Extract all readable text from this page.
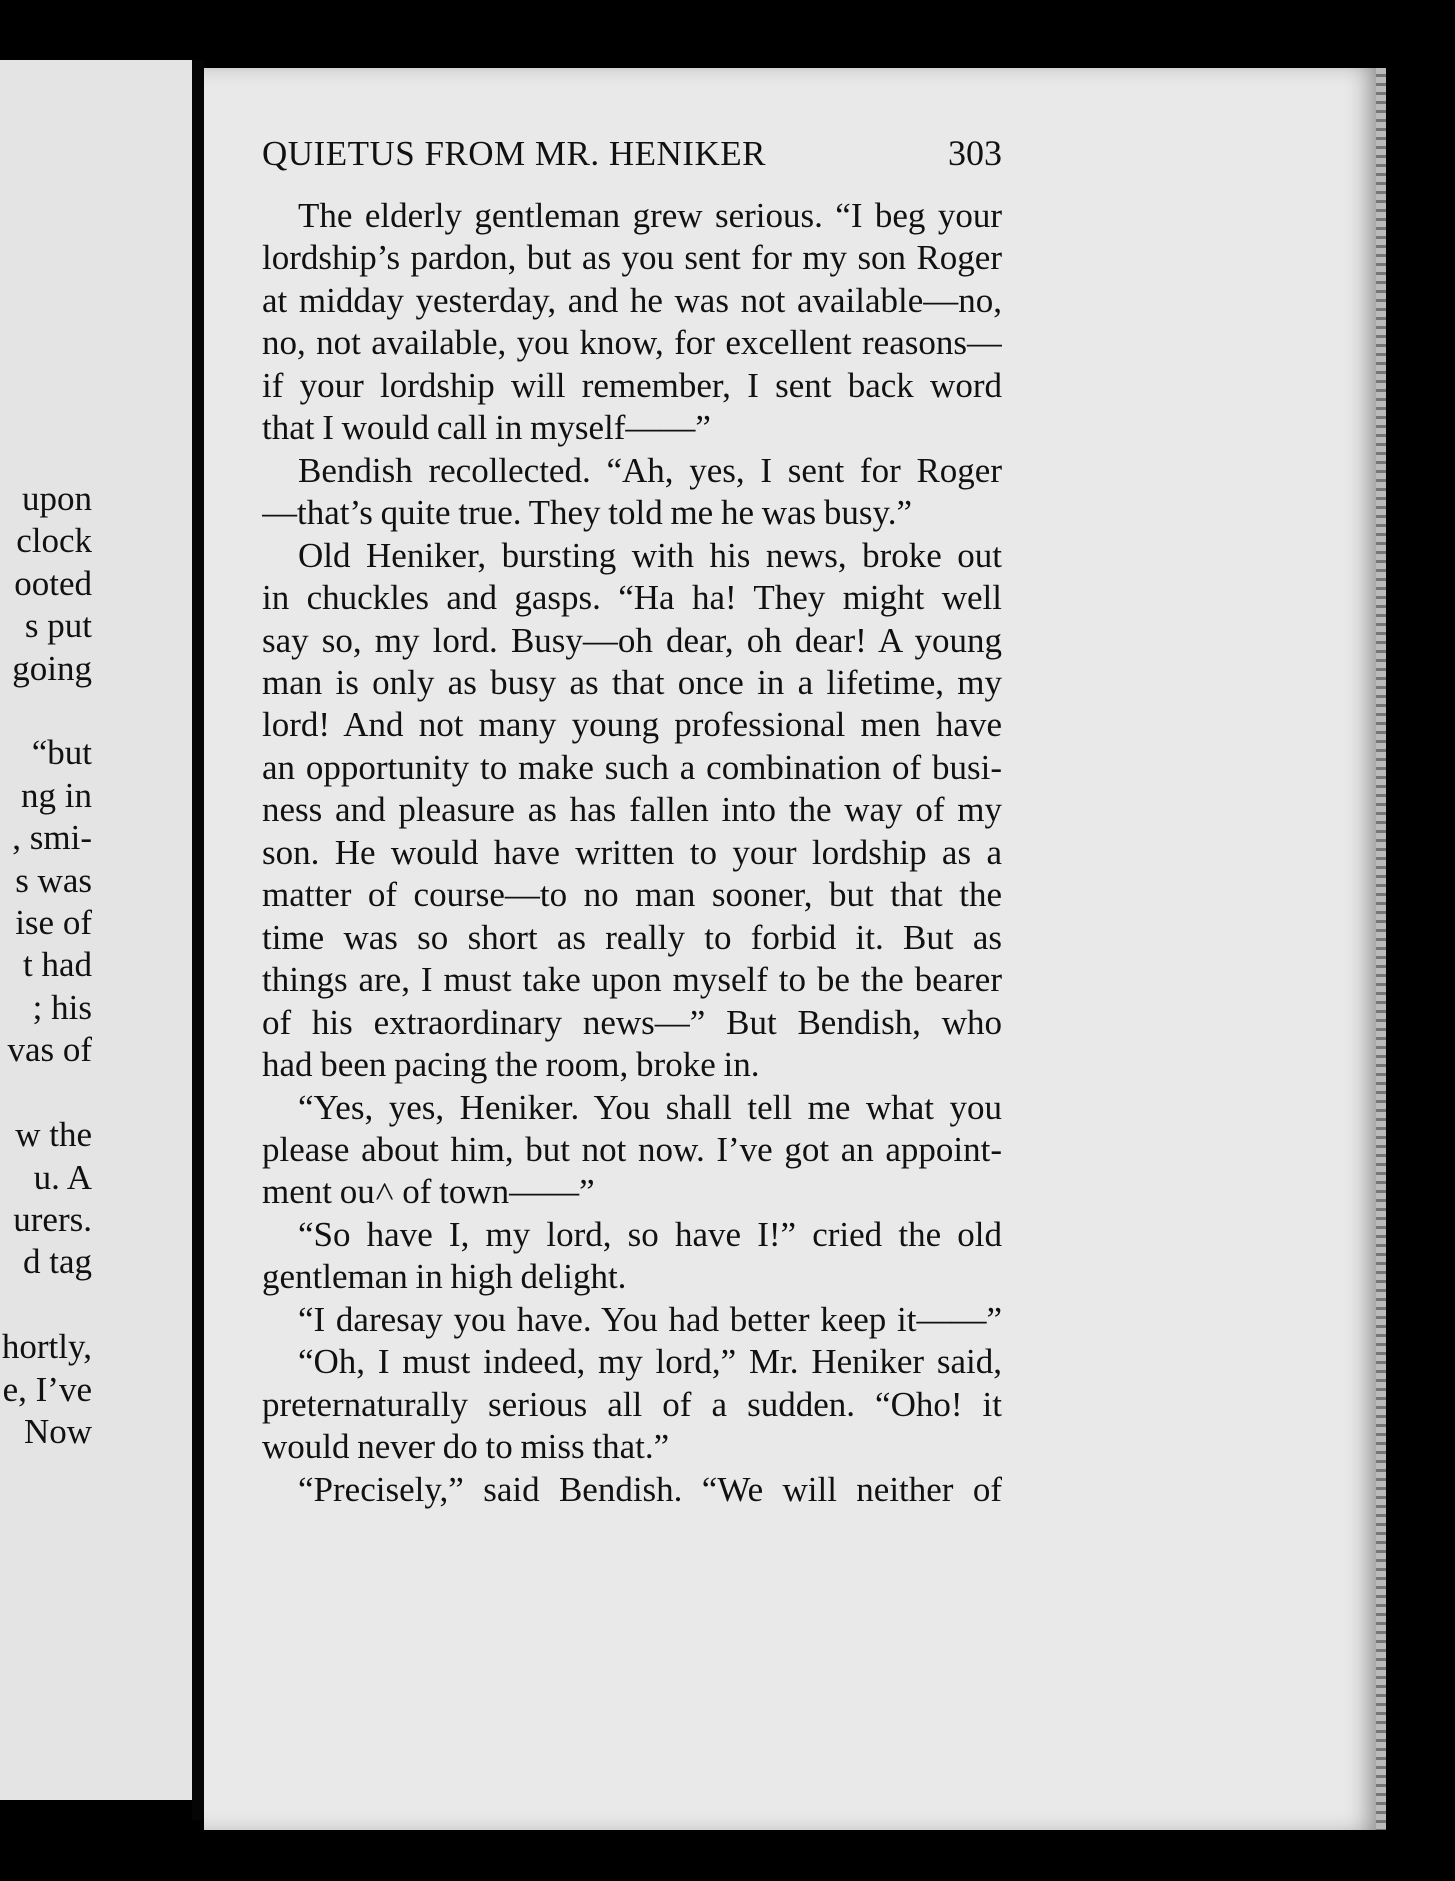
upon
clock
ooted
s put
going

“but
ng in
, smi-
s was
ise of
t had
; his
vas of

w the
u. A
urers.
d tag

hortly,
e, I’ve
Now
QUIETUS FROM MR. HENIKER	303
The elderly gentleman grew serious. “I beg your
lordship’s pardon, but as you sent for my son Roger
at midday yesterday, and he was not available—no,
no, not available, you know, for excellent reasons—
if your lordship will remember, I sent back word
that I would call in myself——”
Bendish recollected. “Ah, yes, I sent for Roger
—that’s quite true. They told me he was busy.”
Old Heniker, bursting with his news, broke out
in chuckles and gasps. “Ha ha! They might well
say so, my lord. Busy—oh dear, oh dear! A young
man is only as busy as that once in a lifetime, my
lord! And not many young professional men have
an opportunity to make such a combination of busi-
ness and pleasure as has fallen into the way of my
son. He would have written to your lordship as a
matter of course—to no man sooner, but that the
time was so short as really to forbid it. But as
things are, I must take upon myself to be the bearer
of his extraordinary news—” But Bendish, who
had been pacing the room, broke in.
“Yes, yes, Heniker. You shall tell me what you
please about him, but not now. I’ve got an appoint-
ment ou˄ of town——”
“So have I, my lord, so have I!” cried the old
gentleman in high delight.
“I daresay you have. You had better keep it——”
“Oh, I must indeed, my lord,” Mr. Heniker said,
preternaturally serious all of a sudden. “Oho! it
would never do to miss that.”
“Precisely,” said Bendish. “We will neither of
